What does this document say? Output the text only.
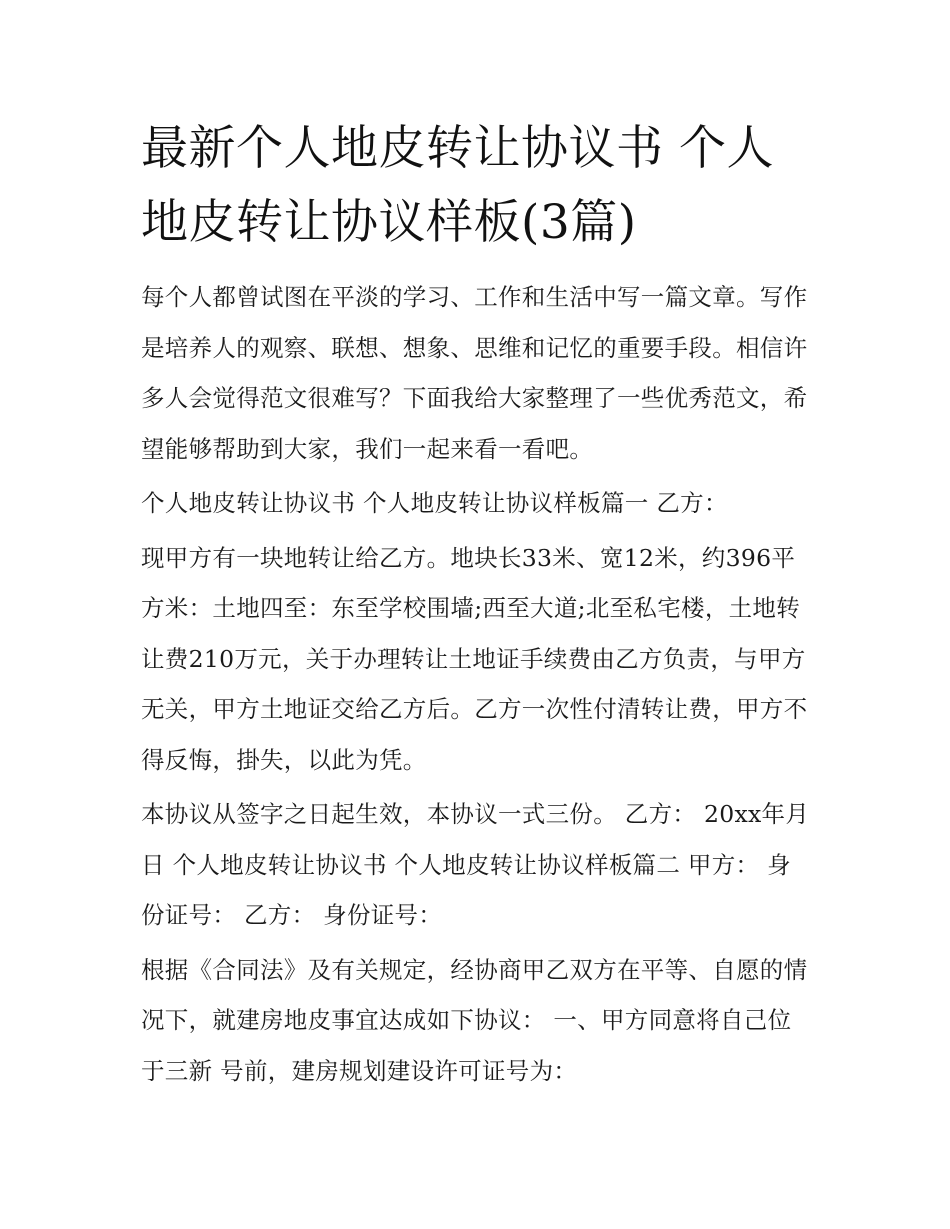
最新个人地皮转让协议书 个人地皮转让协议样板(3篇)

每个人都曾试图在平淡的学习、工作和生活中写一篇文章。写作是培养人的观察、联想、想象、思维和记忆的重要手段。相信许多人会觉得范文很难写？下面我给大家整理了一些优秀范文，希望能够帮助到大家，我们一起来看一看吧。

个人地皮转让协议书 个人地皮转让协议样板篇一 乙方：

现甲方有一块地转让给乙方。地块长33米、宽12米，约396平方米：土地四至：东至学校围墙;西至大道;北至私宅楼，土地转让费210万元，关于办理转让土地证手续费由乙方负责，与甲方无关，甲方土地证交给乙方后。乙方一次性付清转让费，甲方不得反悔，掛失，以此为凭。

本协议从签字之日起生效，本协议一式三份。 乙方： 20xx年月日 个人地皮转让协议书 个人地皮转让协议样板篇二 甲方： 身份证号： 乙方： 身份证号：

根据《合同法》及有关规定，经协商甲乙双方在平等、自愿的情况下，就建房地皮事宜达成如下协议： 一、甲方同意将自己位于三新 号前，建房规划建设许可证号为：
